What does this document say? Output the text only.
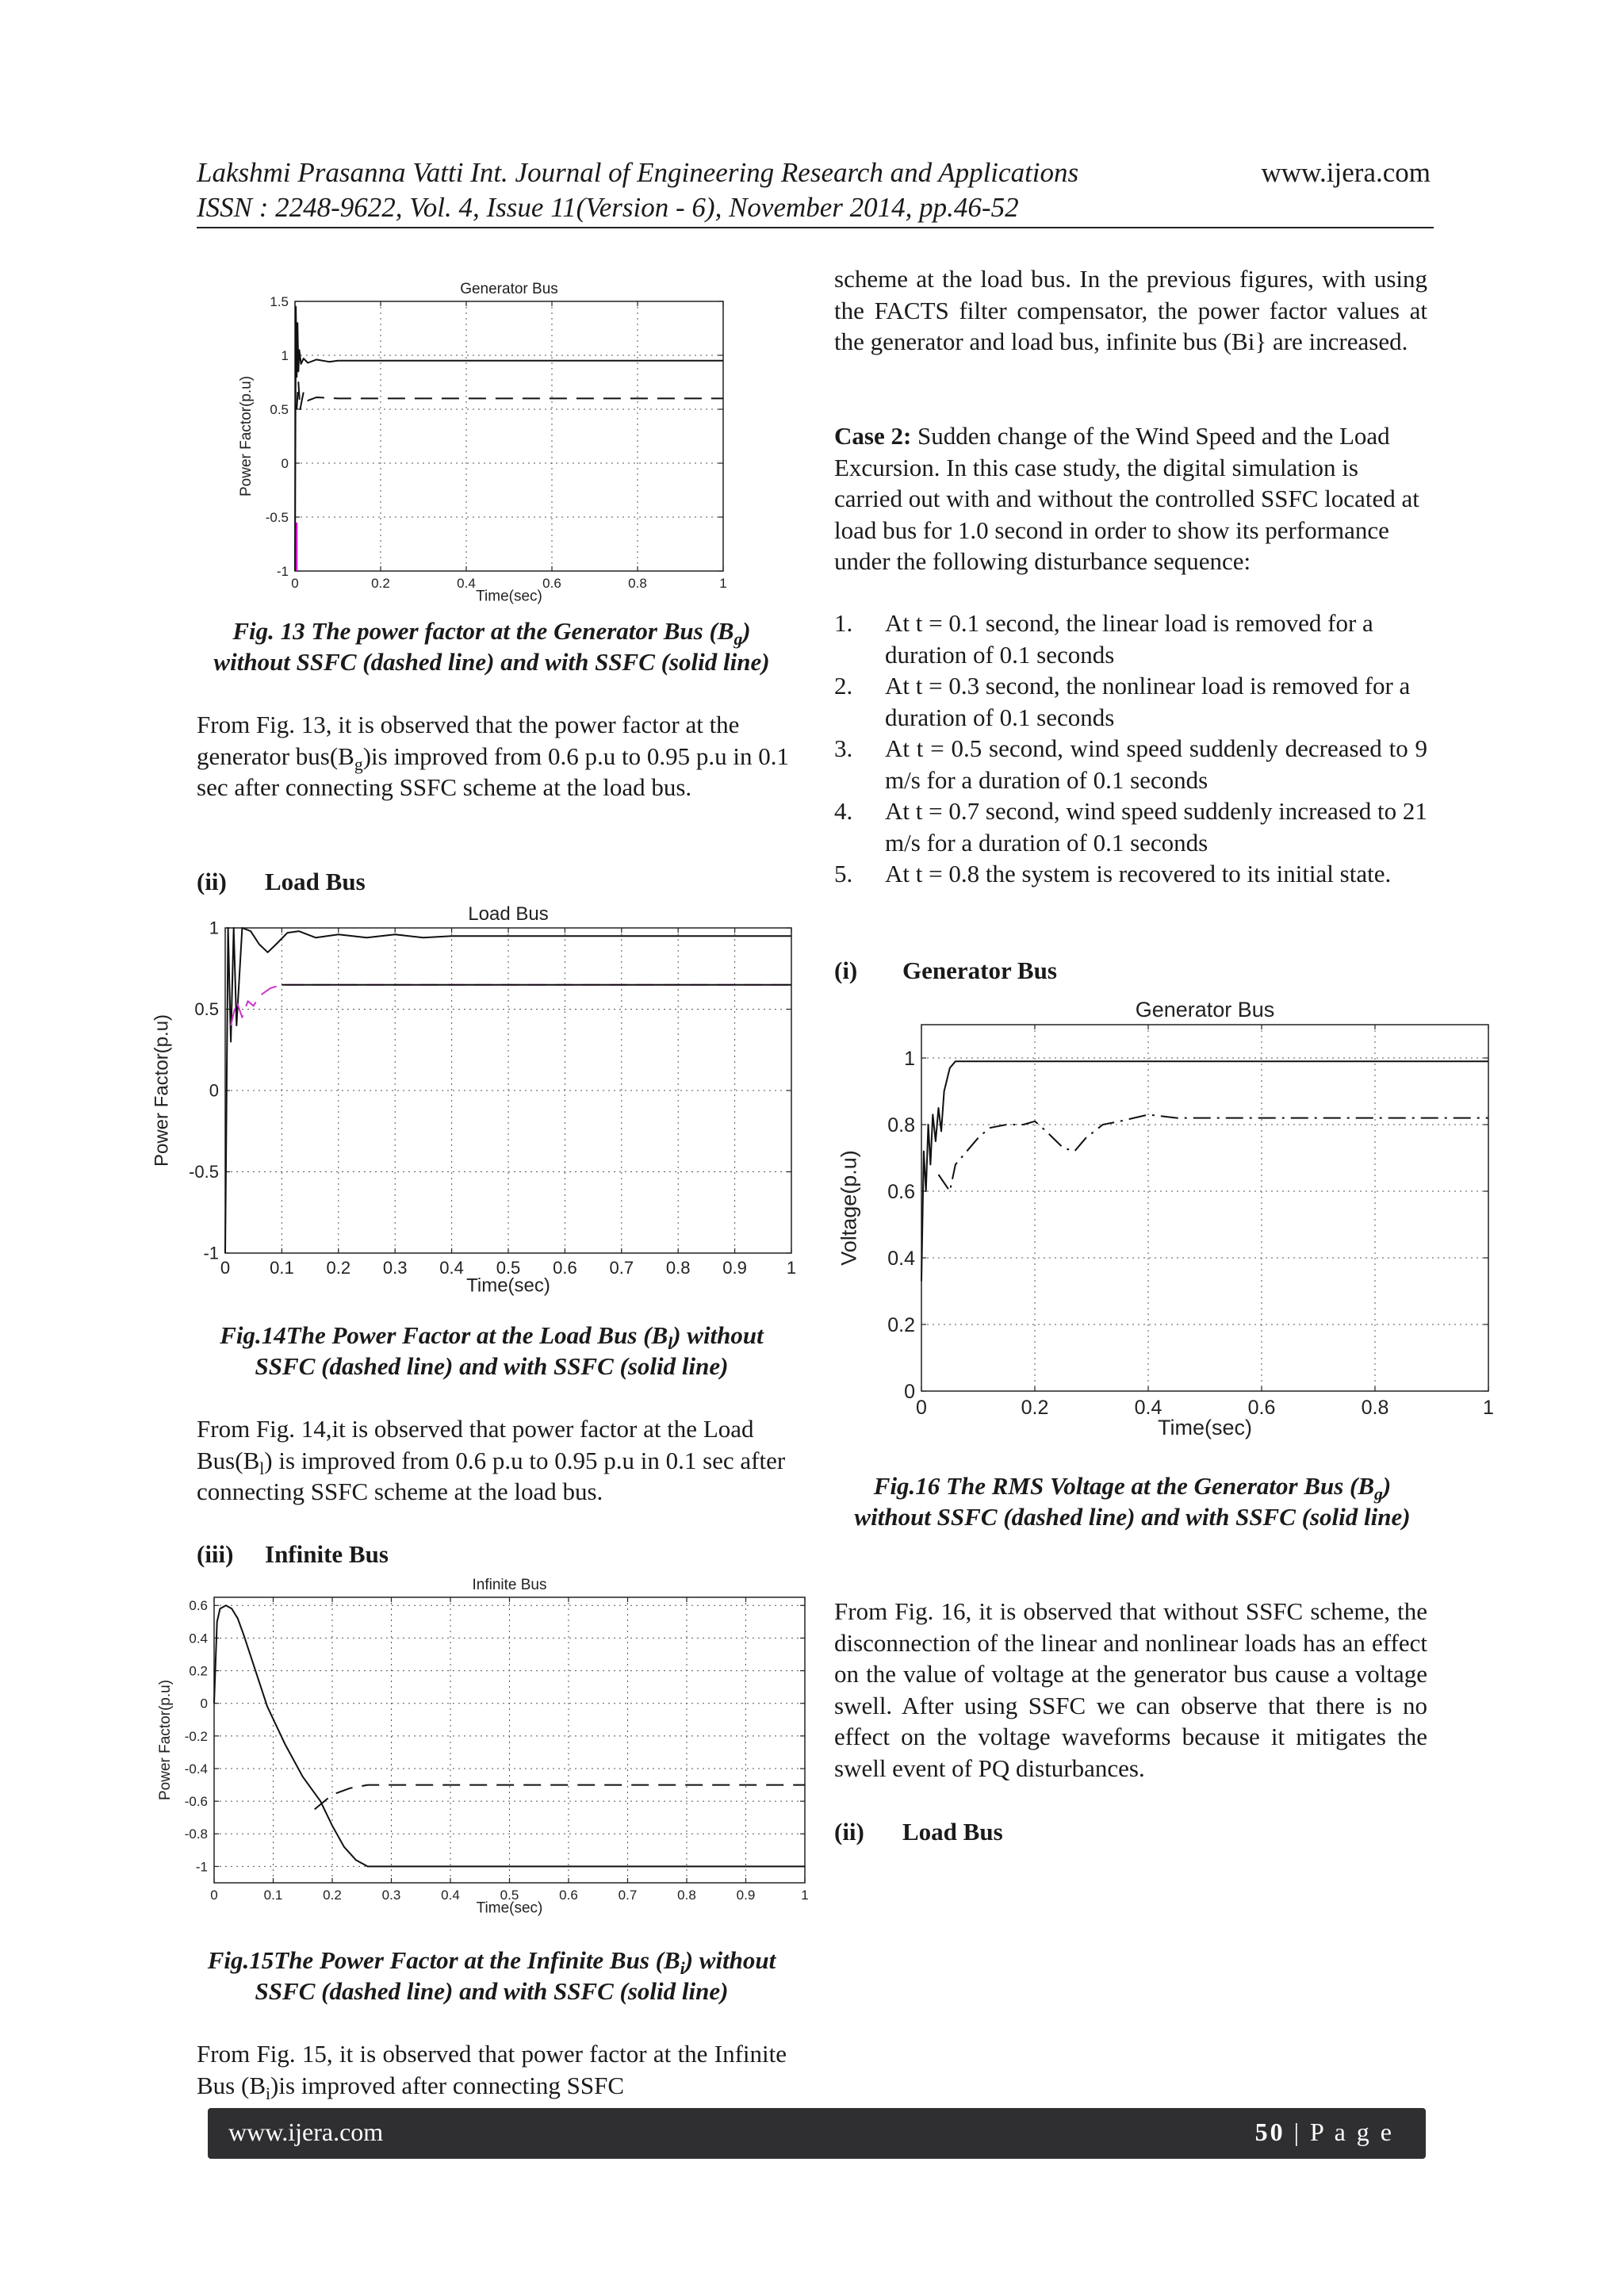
Lakshmi Prasanna Vatti Int. Journal of Engineering Research and Applications	www.ijera.com
ISSN : 2248-9622, Vol. 4, Issue 11(Version - 6), November 2014, pp.46-52
0	0.2	0.4	0.6	0.8	1
-1
-0.5
0
0.5
1
1.5
Generator Bus
Time(sec)
Power Factor(p.u)
Fig. 13 The power factor at the Generator Bus $(B_g)$ without SSFC (dashed line) and with SSFC (solid line)
From Fig. 13, it is observed that the power factor at the generator $bus(B_g)is$ improved from 0.6 p.u to 0.95 p.u in 0.1 sec after connecting SSFC scheme at the load bus.
(ii) Load Bus
0 0.1 0.2 0.3 0.4 0.5 0.6 0.7 0.8 0.9 1
-1
-0.5
0
0.5
1
Load Bus
Time(sec)
Power Factor(p.u)
Fig.14The Power Factor at the Load Bus $(B_l)$ without SSFC (dashed line) and with SSFC (solid line)
From Fig. 14,it is observed that power factor at the Load $Bus(B_l)$ is improved from 0.6 p.u to 0.95 p.u in 0.1 sec after connecting SSFC scheme at the load bus.
(iii) Infinite Bus
0	0.1	0.2	0.3	0.4	0.5	0.6	0.7	0.8	0.9	1
-1
-0.8
-0.6
-0.4
-0.2
0
0.2
0.4
0.6
Infinite Bus
Time(sec)
Power Factor(p.u)
Fig.15The Power Factor at the Infinite Bus $(B_i)$ without SSFC (dashed line) and with SSFC (solid line)
From Fig. 15, it is observed that power factor at the Infinite Bus $(B_i)is$ improved after connecting SSFC
scheme at the load bus. In the previous figures, with using the FACTS filter compensator, the power factor values at the generator and load bus, infinite bus (Bi} are increased.
Case 2: Sudden change of the Wind Speed and the Load Excursion. In this case study, the digital simulation is carried out with and without the controlled SSFC located at load bus for 1.0 second in order to show its performance under the following disturbance sequence:
1. At t = 0.1 second, the linear load is removed for a duration of 0.1 seconds
2. At t = 0.3 second, the nonlinear load is removed for a duration of 0.1 seconds
3. At t = 0.5 second, wind speed suddenly decreased to 9 m/s for a duration of 0.1 seconds
4. At t = 0.7 second, wind speed suddenly increased to 21 m/s for a duration of 0.1 seconds
5. At t = 0.8 the system is recovered to its initial state.
(i) Generator Bus
0	0.2	0.4	0.6	0.8	1
0
0.2
0.4
0.6
0.8
1
Generator Bus
Time(sec)
Voltage(p.u)
Fig.16 The RMS Voltage at the Generator Bus $(B_g)$ without SSFC (dashed line) and with SSFC (solid line)
From Fig. 16, it is observed that without SSFC scheme, the disconnection of the linear and nonlinear loads has an effect on the value of voltage at the generator bus cause a voltage swell. After using SSFC we can observe that there is no effect on the voltage waveforms because it mitigates the swell event of PQ disturbances.
(ii) Load Bus
www.ijera.com	50 | P a g e
